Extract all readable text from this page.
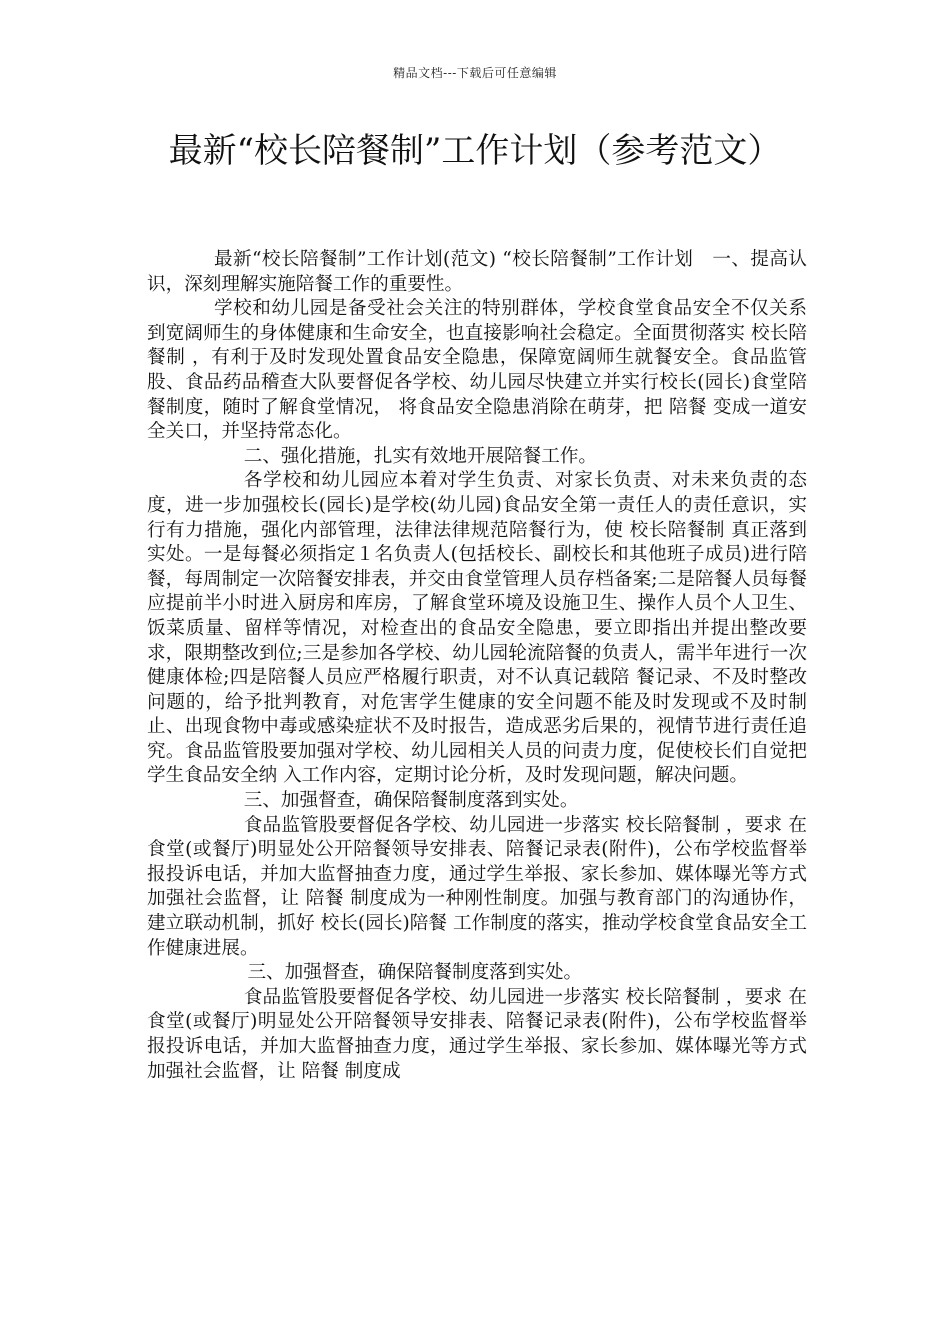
精品文档---下载后可任意编辑
最新“校长陪餐制”工作计划（参考范文）

最新“校长陪餐制”工作计划(范文) “校长陪餐制”工作计划　一、提高认识，深刻理解实施陪餐工作的重要性。

学校和幼儿园是备受社会关注的特别群体，学校食堂食品安全不仅关系到宽阔师生的身体健康和生命安全，也直接影响社会稳定。全面贯彻落实 校长陪餐制 ，有利于及时发现处置食品安全隐患，保障宽阔师生就餐安全。食品监管股、食品药品稽查大队要督促各学校、幼儿园尽快建立并实行校长(园长)食堂陪餐制度，随时了解食堂情况， 将食品安全隐患消除在萌芽，把 陪餐 变成一道安全关口，并坚持常态化。

二、强化措施，扎实有效地开展陪餐工作。

各学校和幼儿园应本着对学生负责、对家长负责、对未来负责的态度，进一步加强校长(园长)是学校(幼儿园)食品安全第一责任人的责任意识，实行有力措施，强化内部管理，法律法律规范陪餐行为，使 校长陪餐制 真正落到实处。一是每餐必须指定１名负责人(包括校长、副校长和其他班子成员)进行陪餐，每周制定一次陪餐安排表，并交由食堂管理人员存档备案;二是陪餐人员每餐应提前半小时进入厨房和库房，了解食堂环境及设施卫生、操作人员个人卫生、饭菜质量、留样等情况，对检查出的食品安全隐患，要立即指出并提出整改要求，限期整改到位;三是参加各学校、幼儿园轮流陪餐的负责人，需半年进行一次健康体检;四是陪餐人员应严格履行职责，对不认真记载陪 餐记录、不及时整改问题的，给予批判教育，对危害学生健康的安全问题不能及时发现或不及时制止、出现食物中毒或感染症状不及时报告，造成恶劣后果的，视情节进行责任追究。食品监管股要加强对学校、幼儿园相关人员的问责力度，促使校长们自觉把学生食品安全纳 入工作内容，定期讨论分析，及时发现问题，解决问题。

三、加强督查，确保陪餐制度落到实处。

食品监管股要督促各学校、幼儿园进一步落实 校长陪餐制 ，要求 在食堂(或餐厅)明显处公开陪餐领导安排表、陪餐记录表(附件)，公布学校监督举报投诉电话，并加大监督抽查力度，通过学生举报、家长参加、媒体曝光等方式加强社会监督，让 陪餐 制度成为一种刚性制度。加强与教育部门的沟通协作，建立联动机制，抓好 校长(园长)陪餐 工作制度的落实，推动学校食堂食品安全工作健康进展。

三、加强督查，确保陪餐制度落到实处。

食品监管股要督促各学校、幼儿园进一步落实 校长陪餐制 ，要求 在食堂(或餐厅)明显处公开陪餐领导安排表、陪餐记录表(附件)，公布学校监督举报投诉电话，并加大监督抽查力度，通过学生举报、家长参加、媒体曝光等方式加强社会监督，让 陪餐 制度成
